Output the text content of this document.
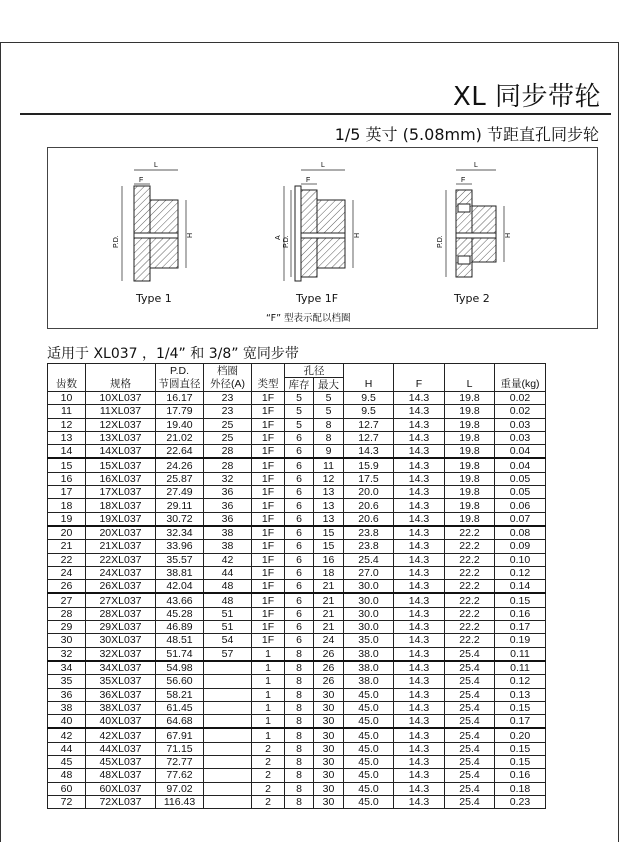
XL 同步带轮
1/5 英寸 (5.08mm) 节距直孔同步轮
L
F
P.D.	H
L
F
A P.D.	H
L
F
P.D.	H
Type 1	Type 1F	Type 2
“F” 型表示配以档圈
适用于 XL037 ，1/4” 和 3/8” 宽同步带
		P.D.	档圈		孔径					
齿数	规格	节圆直径	外径(A)	类型	库存	最大	H	F	L	重量(kg)
10	10XL037	16.17	23	1F	5	5	9.5	14.3	19.8	0.02
11	11XL037	17.79	23	1F	5	5	9.5	14.3	19.8	0.02
12	12XL037	19.40	25	1F	5	8	12.7	14.3	19.8	0.03
13	13XL037	21.02	25	1F	6	8	12.7	14.3	19.8	0.03
14	14XL037	22.64	28	1F	6	9	14.3	14.3	19.8	0.04
15	15XL037	24.26	28	1F	6	11	15.9	14.3	19.8	0.04
16	16XL037	25.87	32	1F	6	12	17.5	14.3	19.8	0.05
17	17XL037	27.49	36	1F	6	13	20.0	14.3	19.8	0.05
18	18XL037	29.11	36	1F	6	13	20.6	14.3	19.8	0.06
19	19XL037	30.72	36	1F	6	13	20.6	14.3	19.8	0.07
20	20XL037	32.34	38	1F	6	15	23.8	14.3	22.2	0.08
21	21XL037	33.96	38	1F	6	15	23.8	14.3	22.2	0.09
22	22XL037	35.57	42	1F	6	16	25.4	14.3	22.2	0.10
24	24XL037	38.81	44	1F	6	18	27.0	14.3	22.2	0.12
26	26XL037	42.04	48	1F	6	21	30.0	14.3	22.2	0.14
27	27XL037	43.66	48	1F	6	21	30.0	14.3	22.2	0.15
28	28XL037	45.28	51	1F	6	21	30.0	14.3	22.2	0.16
29	29XL037	46.89	51	1F	6	21	30.0	14.3	22.2	0.17
30	30XL037	48.51	54	1F	6	24	35.0	14.3	22.2	0.19
32	32XL037	51.74	57	1	8	26	38.0	14.3	25.4	0.11
34	34XL037	54.98		1	8	26	38.0	14.3	25.4	0.11
35	35XL037	56.60		1	8	26	38.0	14.3	25.4	0.12
36	36XL037	58.21		1	8	30	45.0	14.3	25.4	0.13
38	38XL037	61.45		1	8	30	45.0	14.3	25.4	0.15
40	40XL037	64.68		1	8	30	45.0	14.3	25.4	0.17
42	42XL037	67.91		1	8	30	45.0	14.3	25.4	0.20
44	44XL037	71.15		2	8	30	45.0	14.3	25.4	0.15
45	45XL037	72.77		2	8	30	45.0	14.3	25.4	0.15
48	48XL037	77.62		2	8	30	45.0	14.3	25.4	0.16
60	60XL037	97.02		2	8	30	45.0	14.3	25.4	0.18
72	72XL037	116.43		2	8	30	45.0	14.3	25.4	0.23
